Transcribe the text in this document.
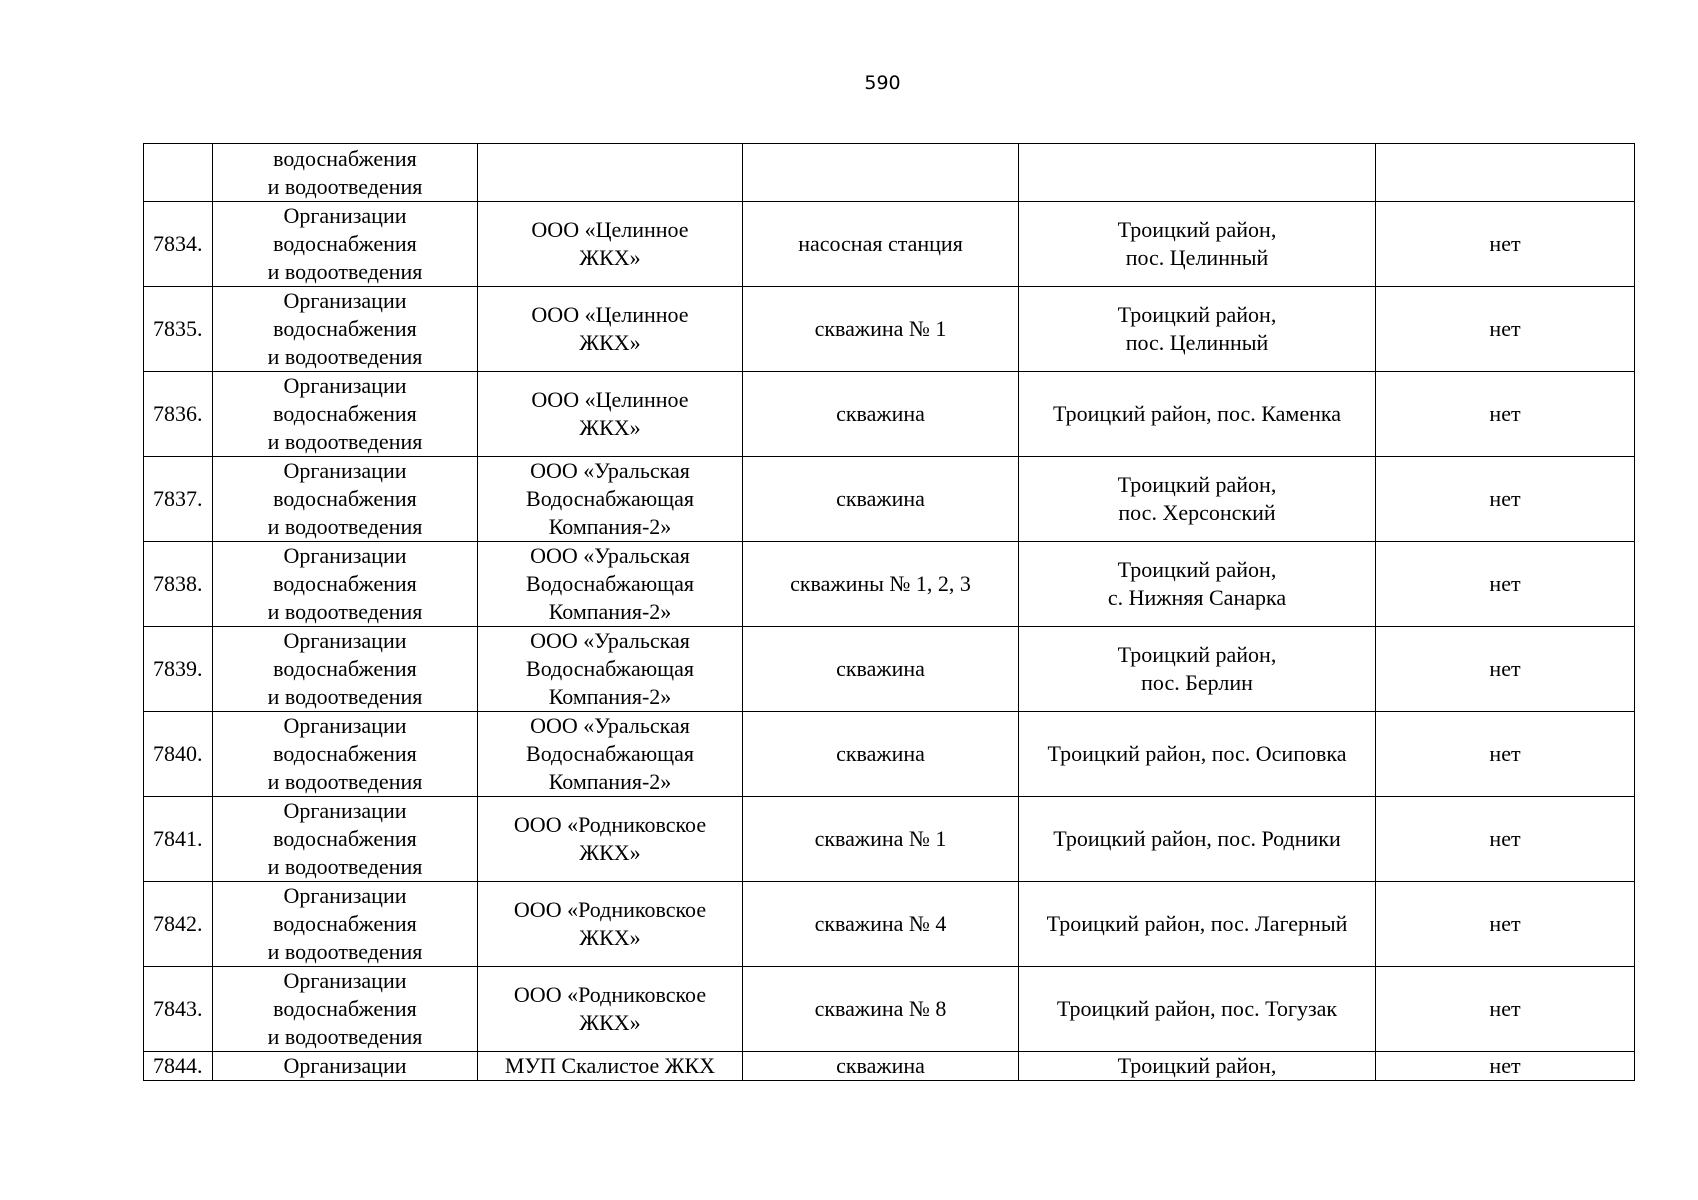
590
	водоснабжения
и водоотведения				
7834.	Организации
водоснабжения
и водоотведения	ООО «Целинное
ЖКХ»	насосная станция	Троицкий район,
пос. Целинный	нет
7835.	Организации
водоснабжения
и водоотведения	ООО «Целинное
ЖКХ»	скважина № 1	Троицкий район,
пос. Целинный	нет
7836.	Организации
водоснабжения
и водоотведения	ООО «Целинное
ЖКХ»	скважина	Троицкий район, пос. Каменка	нет
7837.	Организации
водоснабжения
и водоотведения	ООО «Уральская
Водоснабжающая
Компания-2»	скважина	Троицкий район,
пос. Херсонский	нет
7838.	Организации
водоснабжения
и водоотведения	ООО «Уральская
Водоснабжающая
Компания-2»	скважины № 1, 2, 3	Троицкий район,
с. Нижняя Санарка	нет
7839.	Организации
водоснабжения
и водоотведения	ООО «Уральская
Водоснабжающая
Компания-2»	скважина	Троицкий район,
пос. Берлин	нет
7840.	Организации
водоснабжения
и водоотведения	ООО «Уральская
Водоснабжающая
Компания-2»	скважина	Троицкий район, пос. Осиповка	нет
7841.	Организации
водоснабжения
и водоотведения	ООО «Родниковское
ЖКХ»	скважина № 1	Троицкий район, пос. Родники	нет
7842.	Организации
водоснабжения
и водоотведения	ООО «Родниковское
ЖКХ»	скважина № 4	Троицкий район, пос. Лагерный	нет
7843.	Организации
водоснабжения
и водоотведения	ООО «Родниковское
ЖКХ»	скважина № 8	Троицкий район, пос. Тогузак	нет
7844.	Организации	МУП Скалистое ЖКХ	скважина	Троицкий район,	нет
